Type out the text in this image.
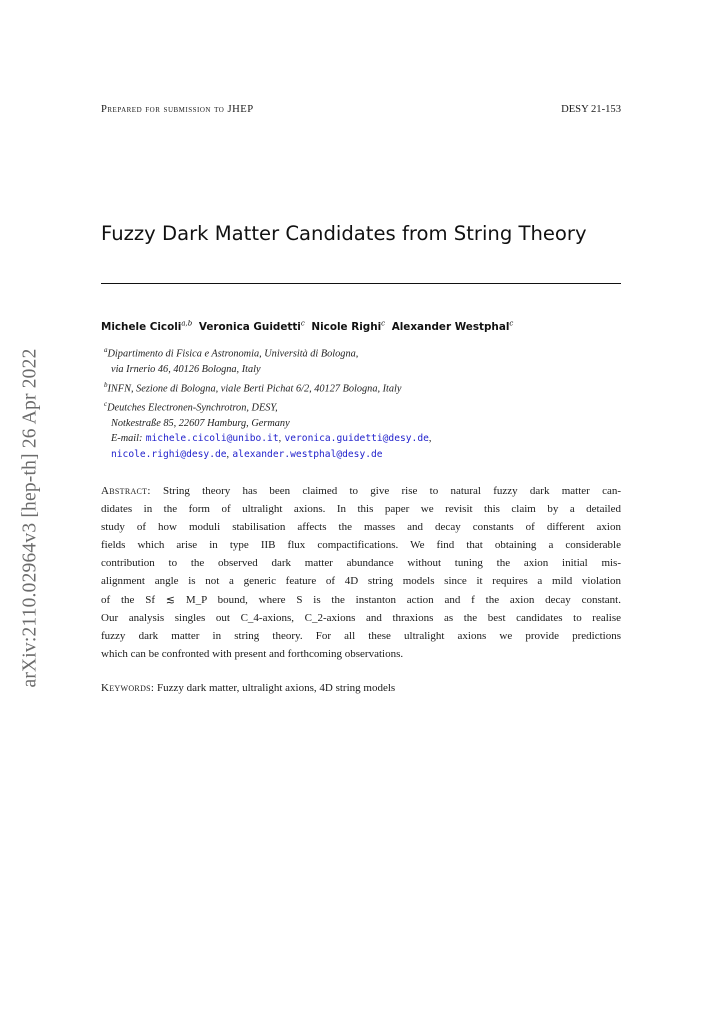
arXiv:2110.02964v3 [hep-th] 26 Apr 2022
Prepared for submission to JHEP	DESY 21-153
Fuzzy Dark Matter Candidates from String Theory
Michele Cicoli$^{a,b}$ Veronica Guidetti$^c$ Nicole Righi$^c$ Alexander Westphal$^c$
$^a$Dipartimento di Fisica e Astronomia, Università di Bologna,
via Irnerio 46, 40126 Bologna, Italy
$^b$INFN, Sezione di Bologna, viale Berti Pichat 6/2, 40127 Bologna, Italy
$^c$Deutches Electronen-Synchrotron, DESY,
Notkestraße 85, 22607 Hamburg, Germany
E-mail: michele.cicoli@unibo.it, veronica.guidetti@desy.de,
nicole.righi@desy.de, alexander.westphal@desy.de
Abstract: String theory has been claimed to give rise to natural fuzzy dark matter can-
didates in the form of ultralight axions. In this paper we revisit this claim by a detailed
study of how moduli stabilisation affects the masses and decay constants of different axion
fields which arise in type IIB flux compactifications. We find that obtaining a considerable
contribution to the observed dark matter abundance without tuning the axion initial mis-
alignment angle is not a generic feature of 4D string models since it requires a mild violation
of the Sf ≲ M_P bound, where S is the instanton action and f the axion decay constant.
Our analysis singles out C_4-axions, C_2-axions and thraxions as the best candidates to realise
fuzzy dark matter in string theory. For all these ultralight axions we provide predictions
which can be confronted with present and forthcoming observations.
Keywords: Fuzzy dark matter, ultralight axions, 4D string models
